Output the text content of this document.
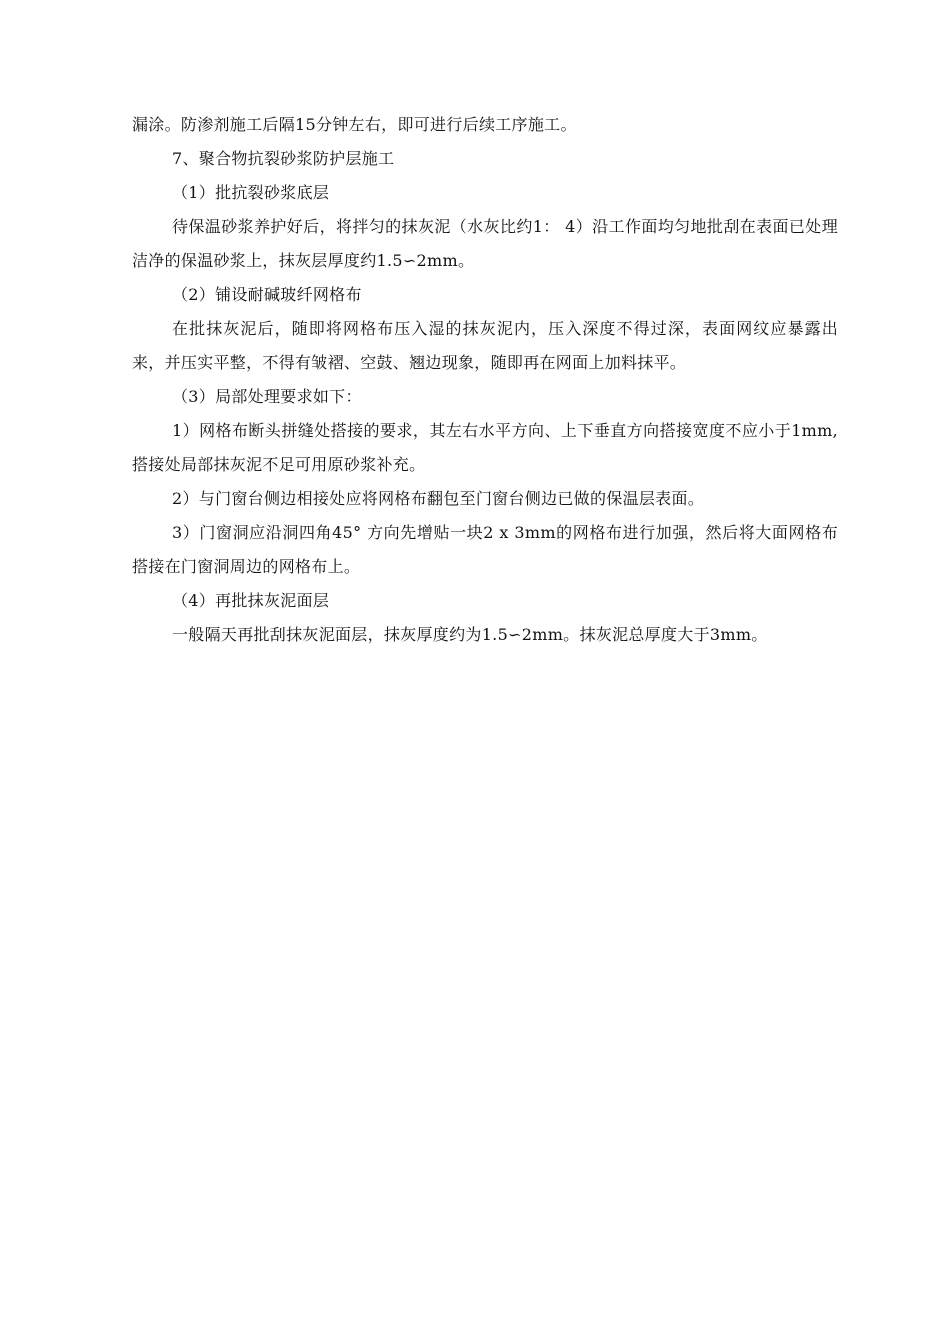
漏涂。防渗剂施工后隔15分钟左右，即可进行后续工序施工。

7、聚合物抗裂砂浆防护层施工

（1）批抗裂砂浆底层

待保温砂浆养护好后，将拌匀的抹灰泥（水灰比约1： 4）沿工作面均匀地批刮在表面已处理洁净的保温砂浆上，抹灰层厚度约1.5∽2mm。

（2）铺设耐碱玻纤网格布

在批抹灰泥后，随即将网格布压入湿的抹灰泥内，压入深度不得过深，表面网纹应暴露出来，并压实平整，不得有皱褶、空鼓、翘边现象，随即再在网面上加料抹平。

（3）局部处理要求如下：

1）网格布断头拼缝处搭接的要求，其左右水平方向、上下垂直方向搭接宽度不应小于1mm,搭接处局部抹灰泥不足可用原砂浆补充。

2）与门窗台侧边相接处应将网格布翻包至门窗台侧边已做的保温层表面。

3）门窗洞应沿洞四角45° 方向先增贴一块2 x 3mm的网格布进行加强，然后将大面网格布搭接在门窗洞周边的网格布上。

（4）再批抹灰泥面层

一般隔天再批刮抹灰泥面层，抹灰厚度约为1.5∽2mm。抹灰泥总厚度大于3mm。
